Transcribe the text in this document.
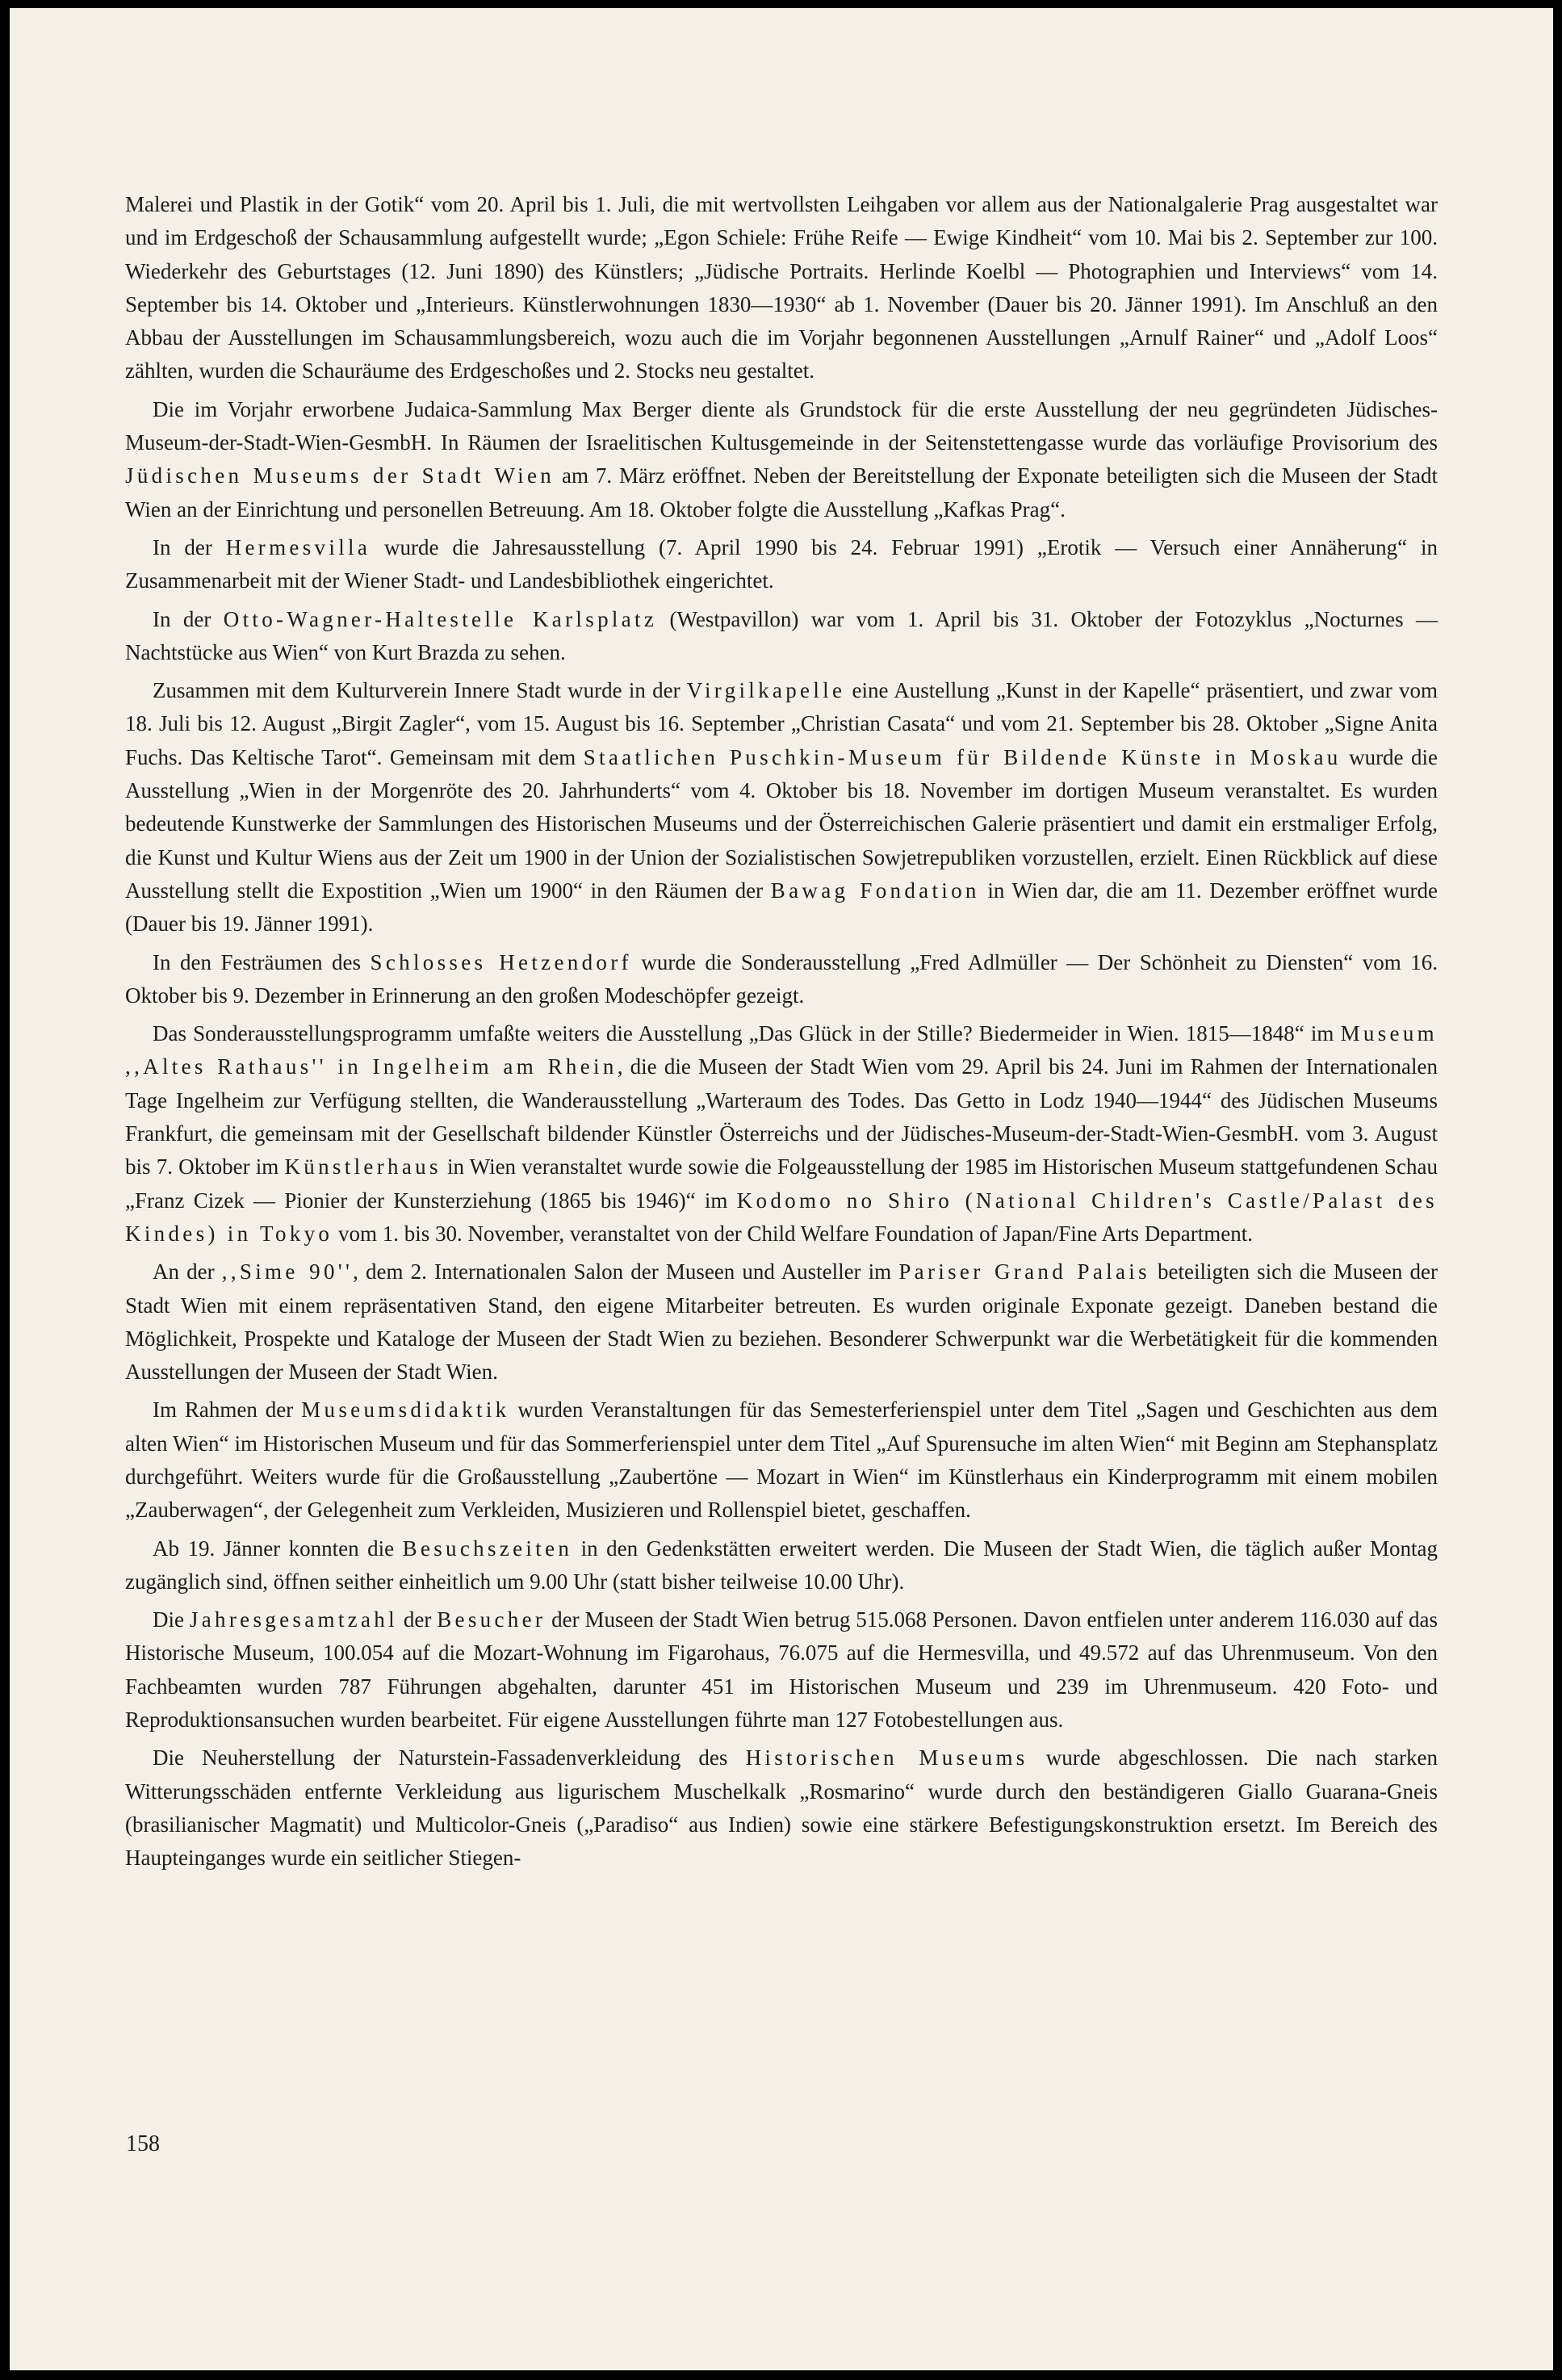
Malerei und Plastik in der Gotik“ vom 20. April bis 1. Juli, die mit wertvollsten Leihgaben vor allem aus der Nationalgalerie Prag ausgestaltet war und im Erdgeschoß der Schausammlung aufgestellt wurde; „Egon Schiele: Frühe Reife — Ewige Kindheit“ vom 10. Mai bis 2. September zur 100. Wiederkehr des Geburtstages (12. Juni 1890) des Künstlers; „Jüdische Portraits. Herlinde Koelbl — Photographien und Interviews“ vom 14. September bis 14. Oktober und „Interieurs. Künstlerwohnungen 1830—1930“ ab 1. November (Dauer bis 20. Jänner 1991). Im Anschluß an den Abbau der Ausstellungen im Schausammlungsbereich, wozu auch die im Vorjahr begonnenen Ausstellungen „Arnulf Rainer“ und „Adolf Loos“ zählten, wurden die Schauräume des Erdgeschoßes und 2. Stocks neu gestaltet.

Die im Vorjahr erworbene Judaica-Sammlung Max Berger diente als Grundstock für die erste Ausstellung der neu gegründeten Jüdisches-Museum-der-Stadt-Wien-GesmbH. In Räumen der Israelitischen Kultusgemeinde in der Seitenstettengasse wurde das vorläufige Provisorium des Jüdischen Museums der Stadt Wien am 7. März eröffnet. Neben der Bereitstellung der Exponate beteiligten sich die Museen der Stadt Wien an der Einrichtung und personellen Betreuung. Am 18. Oktober folgte die Ausstellung „Kafkas Prag“.

In der Hermesvilla wurde die Jahresausstellung (7. April 1990 bis 24. Februar 1991) „Erotik — Versuch einer Annäherung“ in Zusammenarbeit mit der Wiener Stadt- und Landesbibliothek eingerichtet.

In der Otto-Wagner-Haltestelle Karlsplatz (Westpavillon) war vom 1. April bis 31. Oktober der Fotozyklus „Nocturnes — Nachtstücke aus Wien“ von Kurt Brazda zu sehen.

Zusammen mit dem Kulturverein Innere Stadt wurde in der Virgilkapelle eine Austellung „Kunst in der Kapelle“ präsentiert, und zwar vom 18. Juli bis 12. August „Birgit Zagler“, vom 15. August bis 16. September „Christian Casata“ und vom 21. September bis 28. Oktober „Signe Anita Fuchs. Das Keltische Tarot“. Gemeinsam mit dem Staatlichen Puschkin-Museum für Bildende Künste in Moskau wurde die Ausstellung „Wien in der Morgenröte des 20. Jahrhunderts“ vom 4. Oktober bis 18. November im dortigen Museum veranstaltet. Es wurden bedeutende Kunstwerke der Sammlungen des Historischen Museums und der Österreichischen Galerie präsentiert und damit ein erstmaliger Erfolg, die Kunst und Kultur Wiens aus der Zeit um 1900 in der Union der Sozialistischen Sowjetrepubliken vorzustellen, erzielt. Einen Rückblick auf diese Ausstellung stellt die Expostition „Wien um 1900“ in den Räumen der Bawag Fondation in Wien dar, die am 11. Dezember eröffnet wurde (Dauer bis 19. Jänner 1991).

In den Festräumen des Schlosses Hetzendorf wurde die Sonderausstellung „Fred Adlmüller — Der Schönheit zu Diensten“ vom 16. Oktober bis 9. Dezember in Erinnerung an den großen Modeschöpfer gezeigt.

Das Sonderausstellungsprogramm umfaßte weiters die Ausstellung „Das Glück in der Stille? Biedermeider in Wien. 1815—1848“ im Museum ,,Altes Rathaus'' in Ingelheim am Rhein, die die Museen der Stadt Wien vom 29. April bis 24. Juni im Rahmen der Internationalen Tage Ingelheim zur Verfügung stellten, die Wanderausstellung „Warteraum des Todes. Das Getto in Lodz 1940—1944“ des Jüdischen Museums Frankfurt, die gemeinsam mit der Gesellschaft bildender Künstler Österreichs und der Jüdisches-Museum-der-Stadt-Wien-GesmbH. vom 3. August bis 7. Oktober im Künstlerhaus in Wien veranstaltet wurde sowie die Folgeausstellung der 1985 im Historischen Museum stattgefundenen Schau „Franz Cizek — Pionier der Kunsterziehung (1865 bis 1946)“ im Kodomo no Shiro (National Children's Castle/Palast des Kindes) in Tokyo vom 1. bis 30. November, veranstaltet von der Child Welfare Foundation of Japan/Fine Arts Department.

An der ,,Sime 90'', dem 2. Internationalen Salon der Museen und Austeller im Pariser Grand Palais beteiligten sich die Museen der Stadt Wien mit einem repräsentativen Stand, den eigene Mitarbeiter betreuten. Es wurden originale Exponate gezeigt. Daneben bestand die Möglichkeit, Prospekte und Kataloge der Museen der Stadt Wien zu beziehen. Besonderer Schwerpunkt war die Werbetätigkeit für die kommenden Ausstellungen der Museen der Stadt Wien.

Im Rahmen der Museumsdidaktik wurden Veranstaltungen für das Semesterferienspiel unter dem Titel „Sagen und Geschichten aus dem alten Wien“ im Historischen Museum und für das Sommerferienspiel unter dem Titel „Auf Spurensuche im alten Wien“ mit Beginn am Stephansplatz durchgeführt. Weiters wurde für die Großausstellung „Zaubertöne — Mozart in Wien“ im Künstlerhaus ein Kinderprogramm mit einem mobilen „Zauberwagen“, der Gelegenheit zum Verkleiden, Musizieren und Rollenspiel bietet, geschaffen.

Ab 19. Jänner konnten die Besuchszeiten in den Gedenkstätten erweitert werden. Die Museen der Stadt Wien, die täglich außer Montag zugänglich sind, öffnen seither einheitlich um 9.00 Uhr (statt bisher teilweise 10.00 Uhr).

Die Jahresgesamtzahl der Besucher der Museen der Stadt Wien betrug 515.068 Personen. Davon entfielen unter anderem 116.030 auf das Historische Museum, 100.054 auf die Mozart-Wohnung im Figarohaus, 76.075 auf die Hermesvilla, und 49.572 auf das Uhrenmuseum. Von den Fachbeamten wurden 787 Führungen abgehalten, darunter 451 im Historischen Museum und 239 im Uhrenmuseum. 420 Foto- und Reproduktionsansuchen wurden bearbeitet. Für eigene Ausstellungen führte man 127 Fotobestellungen aus.

Die Neuherstellung der Naturstein-Fassadenverkleidung des Historischen Museums wurde abgeschlossen. Die nach starken Witterungsschäden entfernte Verkleidung aus ligurischem Muschelkalk „Rosmarino“ wurde durch den beständigeren Giallo Guarana-Gneis (brasilianischer Magmatit) und Multicolor-Gneis („Paradiso“ aus Indien) sowie eine stärkere Befestigungskonstruktion ersetzt. Im Bereich des Haupteinganges wurde ein seitlicher Stiegen-

158
